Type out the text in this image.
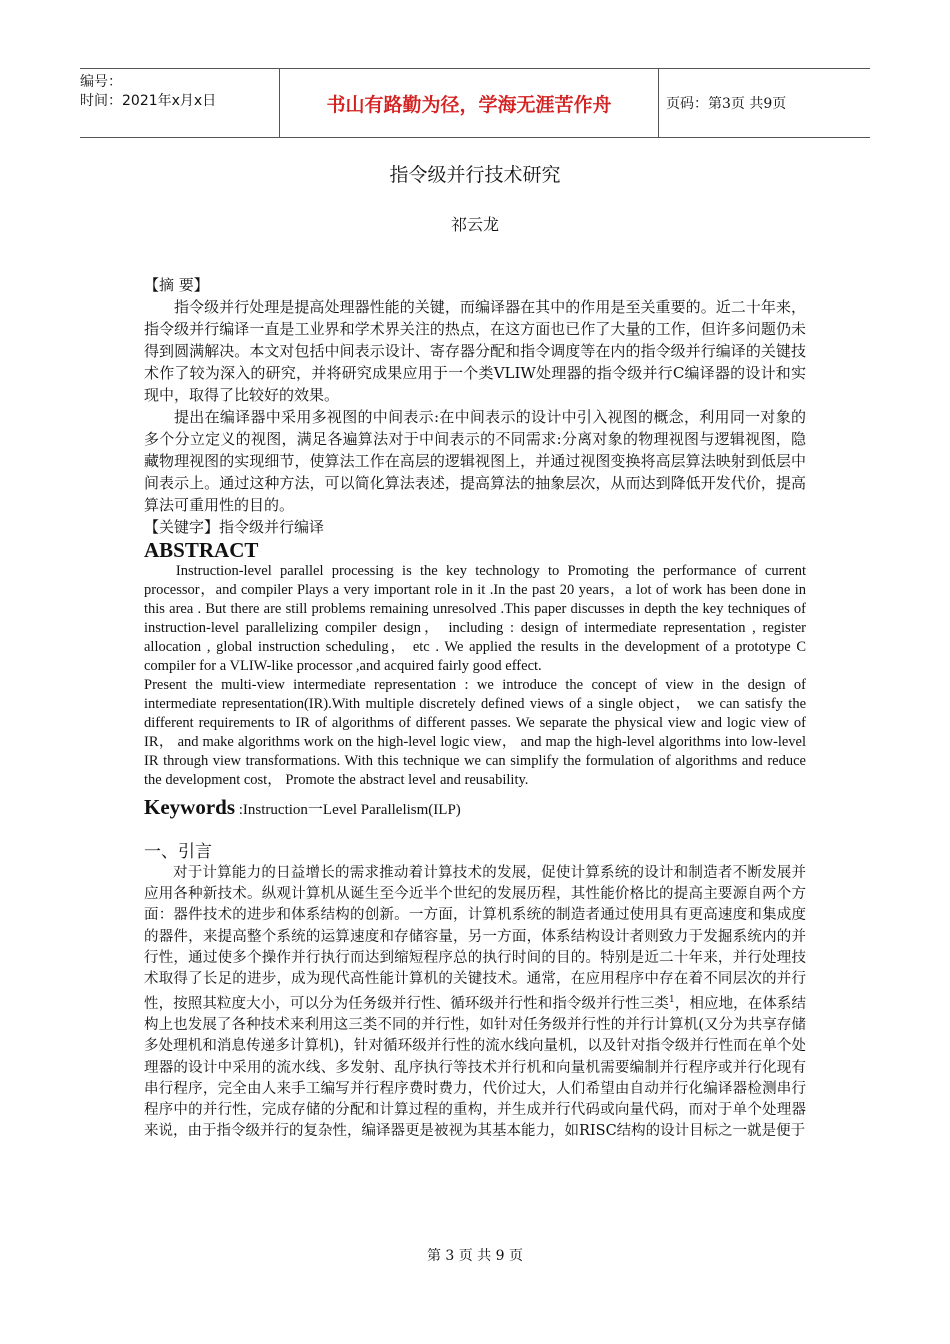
编号：
时间：2021年x月x日	书山有路勤为径，学海无涯苦作舟	页码：第3页 共9页
指令级并行技术研究
祁云龙
【摘 要】

指令级并行处理是提高处理器性能的关键，而编译器在其中的作用是至关重要的。近二十年来，指令级并行编译一直是工业界和学术界关注的热点，在这方面也已作了大量的工作，但许多问题仍未得到圆满解决。本文对包括中间表示设计、寄存器分配和指令调度等在内的指令级并行编译的关键技术作了较为深入的研究，并将研究成果应用于一个类VLIW处理器的指令级并行C编译器的设计和实现中，取得了比较好的效果。

提出在编译器中采用多视图的中间表示:在中间表示的设计中引入视图的概念，利用同一对象的多个分立定义的视图，满足各遍算法对于中间表示的不同需求:分离对象的物理视图与逻辑视图，隐藏物理视图的实现细节，使算法工作在高层的逻辑视图上，并通过视图变换将高层算法映射到低层中间表示上。通过这种方法，可以简化算法表述，提高算法的抽象层次，从而达到降低开发代价，提高算法可重用性的目的。

【关键字】指令级并行编译

ABSTRACT

Instruction-level parallel processing is the key technology to Promoting the performance of current processor，and compiler Plays a very important role in it .In the past 20 years，a lot of work has been done in this area . But there are still problems remaining unresolved .This paper discusses in depth the key techniques of instruction-level parallelizing compiler design， including : design of intermediate representation , register allocation , global instruction scheduling， etc . We applied the results in the development of a prototype C compiler for a VLIW-like processor ,and acquired fairly good effect.

Present the multi-view intermediate representation : we introduce the concept of view in the design of intermediate representation(IR).With multiple discretely defined views of a single object， we can satisfy the different requirements to IR of algorithms of different passes. We separate the physical view and logic view of IR， and make algorithms work on the high-level logic view， and map the high-level algorithms into low-level IR through view transformations. With this technique we can simplify the formulation of algorithms and reduce the development cost， Promote the abstract level and reusability.

Keywords :Instruction一Level Parallelism(ILP)
一、引言

对于计算能力的日益增长的需求推动着计算技术的发展，促使计算系统的设计和制造者不断发展并应用各种新技术。纵观计算机从诞生至今近半个世纪的发展历程，其性能价格比的提高主要源自两个方面：器件技术的进步和体系结构的创新。一方面，计算机系统的制造者通过使用具有更高速度和集成度的器件，来提高整个系统的运算速度和存储容量，另一方面，体系结构设计者则致力于发掘系统内的并行性，通过使多个操作并行执行而达到缩短程序总的执行时间的目的。特别是近二十年来，并行处理技术取得了长足的进步，成为现代高性能计算机的关键技术。通常，在应用程序中存在着不同层次的并行性，按照其粒度大小，可以分为任务级并行性、循环级并行性和指令级并行性三类$^1$，相应地，在体系结构上也发展了各种技术来利用这三类不同的并行性，如针对任务级并行性的并行计算机(又分为共享存储多处理机和消息传递多计算机)，针对循环级并行性的流水线向量机，以及针对指令级并行性而在单个处理器的设计中采用的流水线、多发射、乱序执行等技术并行机和向量机需要编制并行程序或并行化现有串行程序，完全由人来手工编写并行程序费时费力，代价过大，人们希望由自动并行化编译器检测串行程序中的并行性，完成存储的分配和计算过程的重构，并生成并行代码或向量代码，而对于单个处理器来说，由于指令级并行的复杂性，编译器更是被视为其基本能力，如RISC结构的设计目标之一就是便于

第 3 页 共 9 页
